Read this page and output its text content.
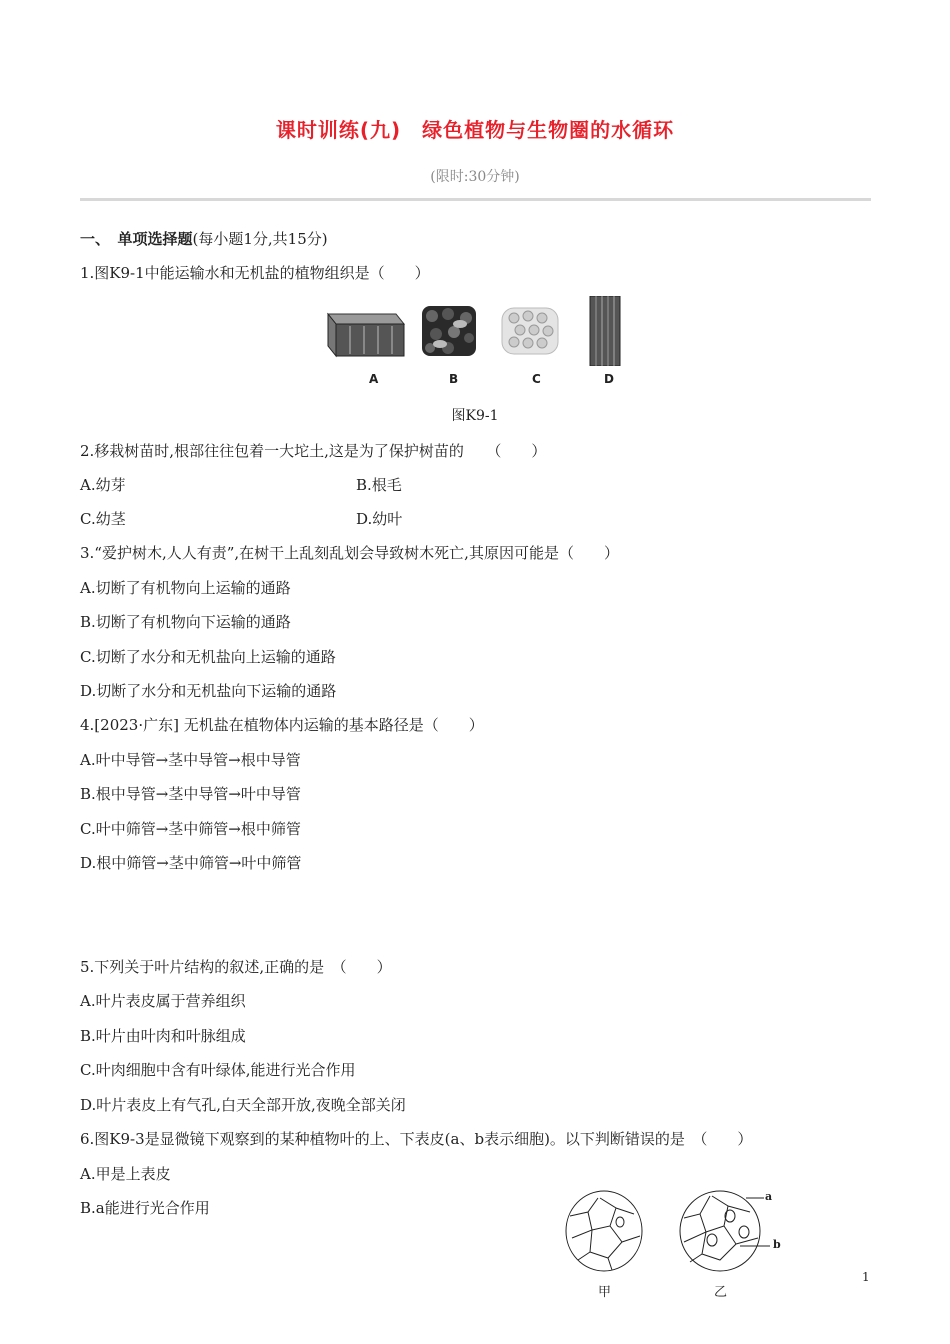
课时训练(九)　绿色植物与生物圈的水循环
(限时:30分钟)
一、　单项选择题(每小题1分,共15分)
1.图K9-1中能运输水和无机盐的植物组织是（　　）
A	B	C	D
图K9-1
2.移栽树苗时,根部往往包着一大坨土,这是为了保护树苗的　　（　　）
A.幼芽	B.根毛
C.幼茎	D.幼叶
3.“爱护树木,人人有责”,在树干上乱刻乱划会导致树木死亡,其原因可能是（　　）
A.切断了有机物向上运输的通路
B.切断了有机物向下运输的通路
C.切断了水分和无机盐向上运输的通路
D.切断了水分和无机盐向下运输的通路
4.[2023·广东] 无机盐在植物体内运输的基本路径是（　　）
A.叶中导管→茎中导管→根中导管
B.根中导管→茎中导管→叶中导管
C.叶中筛管→茎中筛管→根中筛管
D.根中筛管→茎中筛管→叶中筛管
5.下列关于叶片结构的叙述,正确的是　（　　）
A.叶片表皮属于营养组织
B.叶片由叶肉和叶脉组成
C.叶肉细胞中含有叶绿体,能进行光合作用
D.叶片表皮上有气孔,白天全部开放,夜晚全部关闭
6.图K9-3是显微镜下观察到的某种植物叶的上、下表皮(a、b表示细胞)。以下判断错误的是　（　　）
A.甲是上表皮
B.a能进行光合作用
a
b
甲	乙
1
